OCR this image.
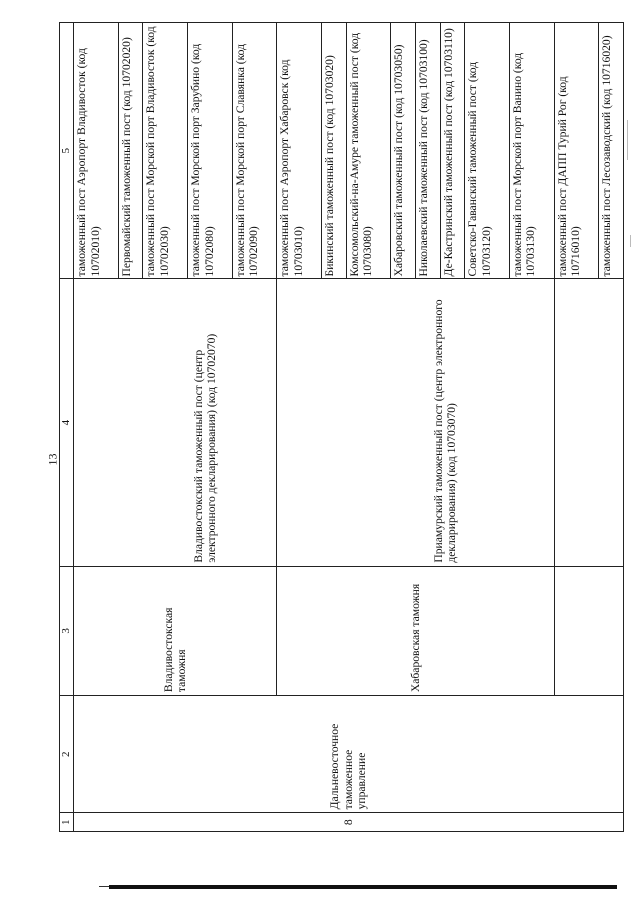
13
1	2	3	4	5
8	Дальневосточное таможенное управление	Владивостокская таможня	Владивостокский таможенный пост (центр электронного декларирования) (код 10702070)	таможенный пост Аэропорт Владивосток (код 10702010)
				Первомайский таможенный пост (код 10702020)
				таможенный пост Морской порт Владивосток (код 10702030)
				таможенный пост Морской порт Зарубино (код 10702080)
				таможенный пост Морской порт Славянка (код 10702090)
		Хабаровская таможня	Приамурский таможенный пост (центр электронного декларирования) (код 10703070)	таможенный пост Аэропорт Хабаровск (код 10703010)
				Бикинский таможенный пост (код 10703020)
				Комсомольский-на-Амуре таможенный пост (код 10703080)
				Хабаровский таможенный пост (код 10703050)
				Николаевский таможенный пост (код 10703100)
				Де-Кастринский таможенный пост (код 10703110)
				Советско-Гаванский таможенный пост (код 10703120)
				таможенный пост Морской порт Ванино (код 10703130)
				таможенный пост ДАПП Турий Рог (код 10716010)
				таможенный пост Лесозаводский (код 10716020)
